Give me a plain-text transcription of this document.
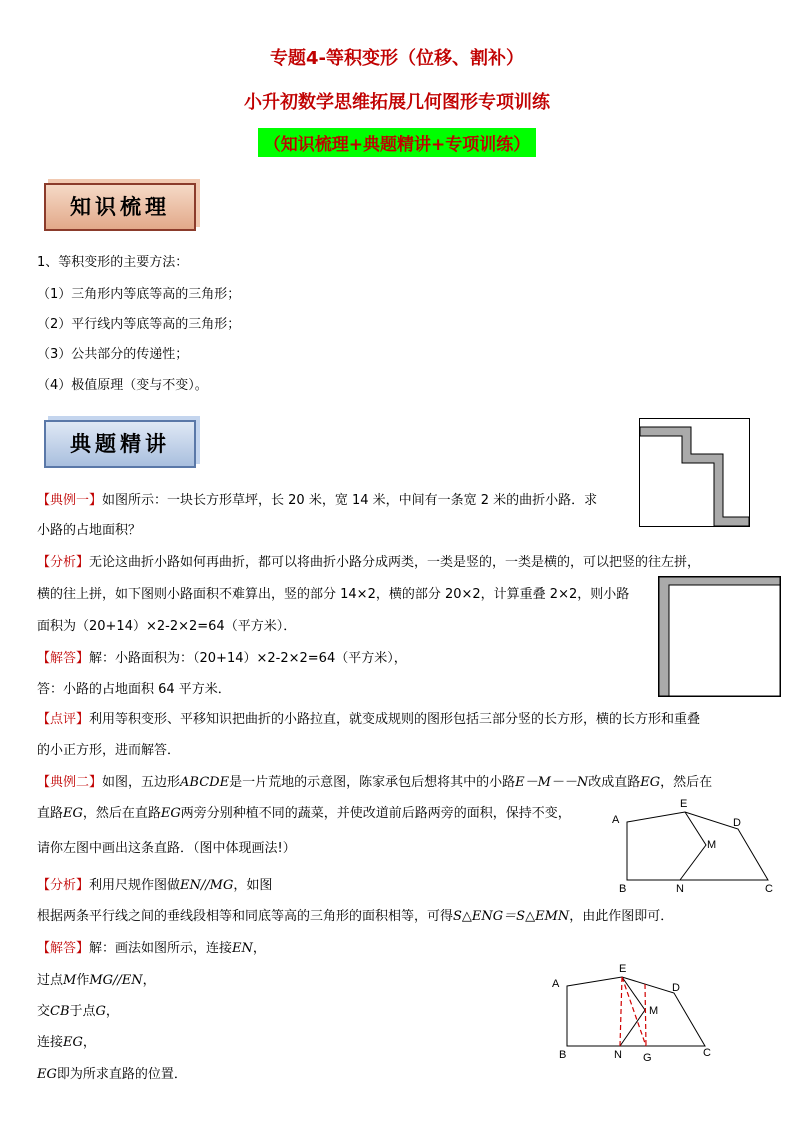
专题4-等积变形（位移、割补）
小升初数学思维拓展几何图形专项训练
（知识梳理+典题精讲+专项训练）
知识梳理
1、等积变形的主要方法：
（1）三角形内等底等高的三角形；
（2）平行线内等底等高的三角形；
（3）公共部分的传递性；
（4）极值原理（变与不变）。
典题精讲
【典例一】如图所示：一块长方形草坪，长 20 米，宽 14 米，中间有一条宽 2 米的曲折小路．求
小路的占地面积？
【分析】无论这曲折小路如何再曲折，都可以将曲折小路分成两类，一类是竖的，一类是横的，可以把竖的往左拼，
横的往上拼，如下图则小路面积不难算出，竖的部分 14×2，横的部分 20×2，计算重叠 2×2，则小路
面积为（20+14）×2-2×2=64（平方米）．
【解答】解：小路面积为：（20+14）×2-2×2=64（平方米），
答：小路的占地面积 64 平方米．
【点评】利用等积变形、平移知识把曲折的小路拉直，就变成规则的图形包括三部分竖的长方形，横的长方形和重叠
的小正方形，进而解答．
【典例二】如图，五边形ABCDE是一片荒地的示意图，陈家承包后想将其中的小路E－M－－N改成直路EG，然后在
直路EG，然后在直路EG两旁分别种植不同的蔬菜，并使改道前后路两旁的面积，保持不变，
请你左图中画出这条直路．（图中体现画法!）
A
B	C
D
E
M
N
【分析】利用尺规作图做EN//MG，如图
根据两条平行线之间的垂线段相等和同底等高的三角形的面积相等，可得S△ENG＝S△EMN，由此作图即可．
【解答】解：画法如图所示，连接EN，
过点M作MG//EN，
交CB于点G，
连接EG，
EG即为所求直路的位置．
A
B	C
D
E
M
N G
